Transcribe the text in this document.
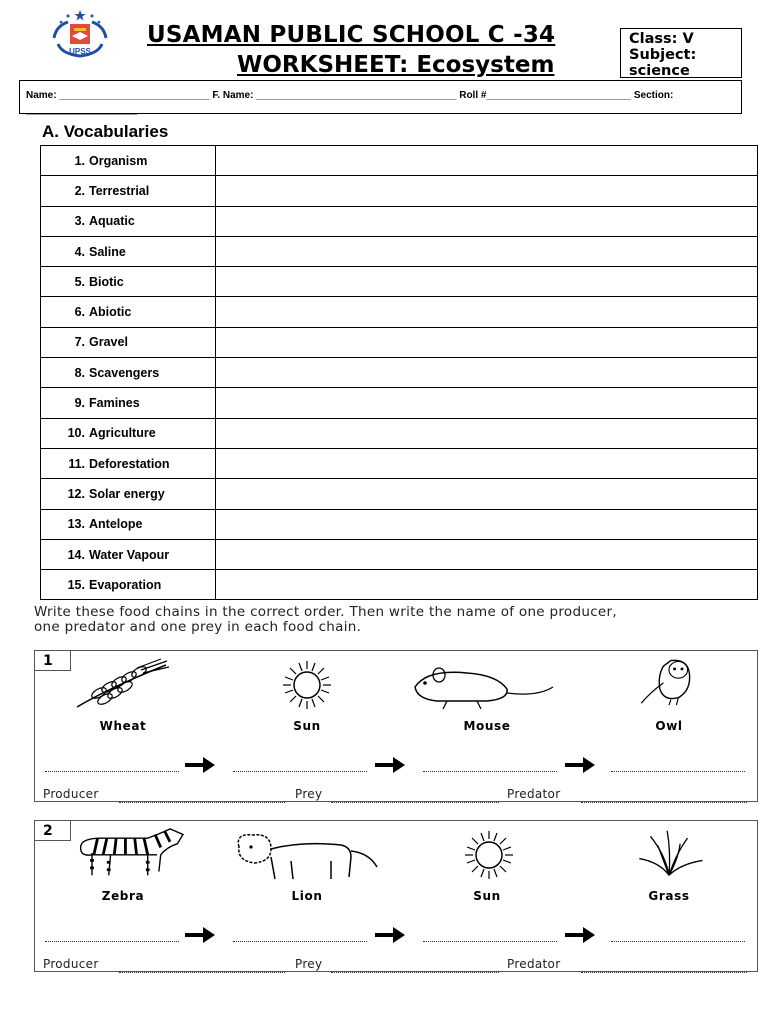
UPSS
USAMAN PUBLIC SCHOOL C -34
WORKSHEET: Ecosystem
Class: V
Subject:
science
Name: ___________________________ F. Name: ____________________________________ Roll #__________________________ Section:
____________________
A. Vocabularies
1. Organism	
2. Terrestrial	
3. Aquatic	
4. Saline	
5. Biotic	
6. Abiotic	
7. Gravel	
8. Scavengers	
9. Famines	
10. Agriculture	
11. Deforestation	
12. Solar energy	
13. Antelope	
14. Water Vapour	
15. Evaporation	
Write these food chains in the correct order. Then write the name of one producer,
one predator and one prey in each food chain.
1
Wheat	Sun	Mouse	Owl
Producer	Prey	Predator
2
Zebra	Lion	Sun	Grass
Producer	Prey	Predator
